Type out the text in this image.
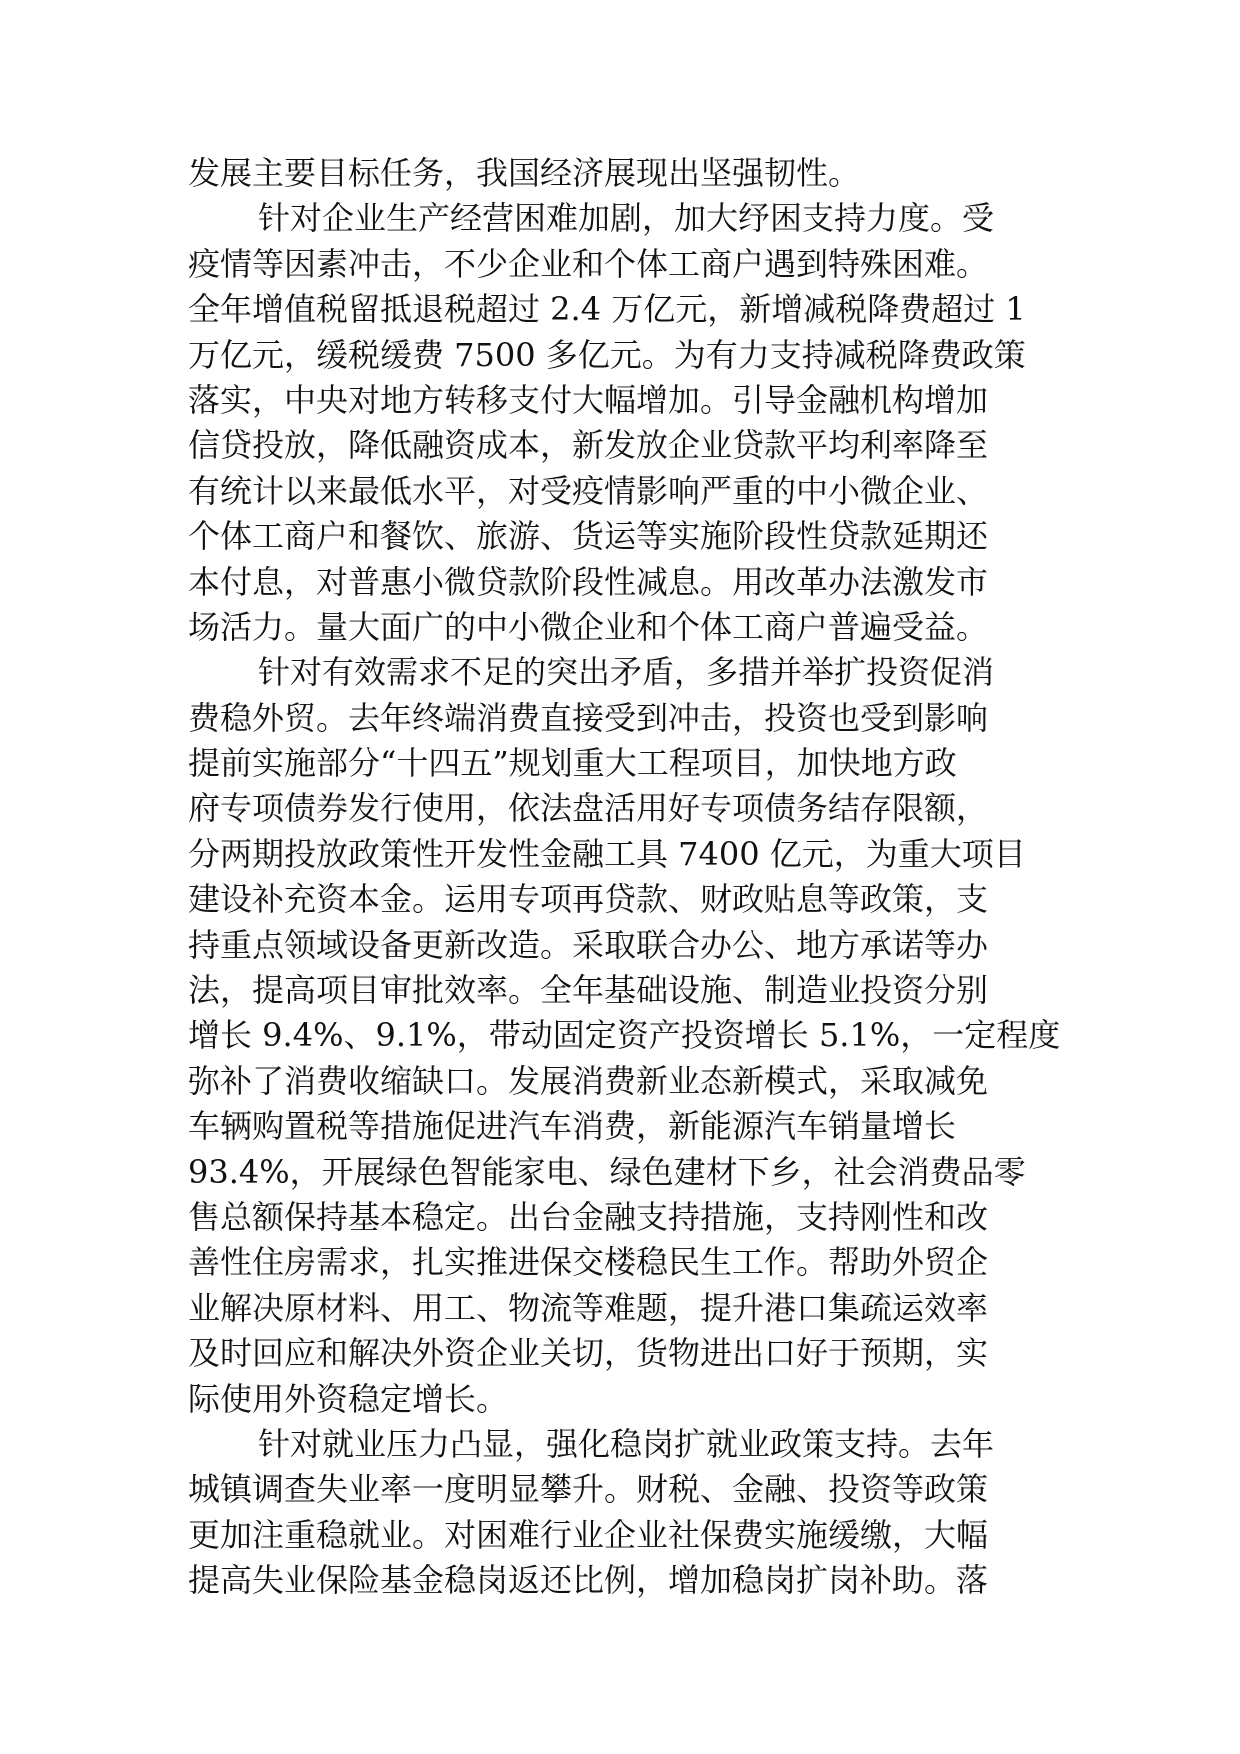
发展主要目标任务，我国经济展现出坚强韧性。
针对企业生产经营困难加剧，加大纾困支持力度。受
疫情等因素冲击，不少企业和个体工商户遇到特殊困难。
全年增值税留抵退税超过 2.4 万亿元，新增减税降费超过 1
万亿元，缓税缓费 7500 多亿元。为有力支持减税降费政策
落实，中央对地方转移支付大幅增加。引导金融机构增加
信贷投放，降低融资成本，新发放企业贷款平均利率降至
有统计以来最低水平，对受疫情影响严重的中小微企业、
个体工商户和餐饮、旅游、货运等实施阶段性贷款延期还
本付息，对普惠小微贷款阶段性减息。用改革办法激发市
场活力。量大面广的中小微企业和个体工商户普遍受益。
针对有效需求不足的突出矛盾，多措并举扩投资促消
费稳外贸。去年终端消费直接受到冲击，投资也受到影响
提前实施部分“十四五”规划重大工程项目，加快地方政
府专项债券发行使用，依法盘活用好专项债务结存限额，
分两期投放政策性开发性金融工具 7400 亿元，为重大项目
建设补充资本金。运用专项再贷款、财政贴息等政策，支
持重点领域设备更新改造。采取联合办公、地方承诺等办
法，提高项目审批效率。全年基础设施、制造业投资分别
增长 9.4%、9.1%，带动固定资产投资增长 5.1%，一定程度
弥补了消费收缩缺口。发展消费新业态新模式，采取减免
车辆购置税等措施促进汽车消费，新能源汽车销量增长
93.4%，开展绿色智能家电、绿色建材下乡，社会消费品零
售总额保持基本稳定。出台金融支持措施，支持刚性和改
善性住房需求，扎实推进保交楼稳民生工作。帮助外贸企
业解决原材料、用工、物流等难题，提升港口集疏运效率
及时回应和解决外资企业关切，货物进出口好于预期，实
际使用外资稳定增长。
针对就业压力凸显，强化稳岗扩就业政策支持。去年
城镇调查失业率一度明显攀升。财税、金融、投资等政策
更加注重稳就业。对困难行业企业社保费实施缓缴，大幅
提高失业保险基金稳岗返还比例，增加稳岗扩岗补助。落
